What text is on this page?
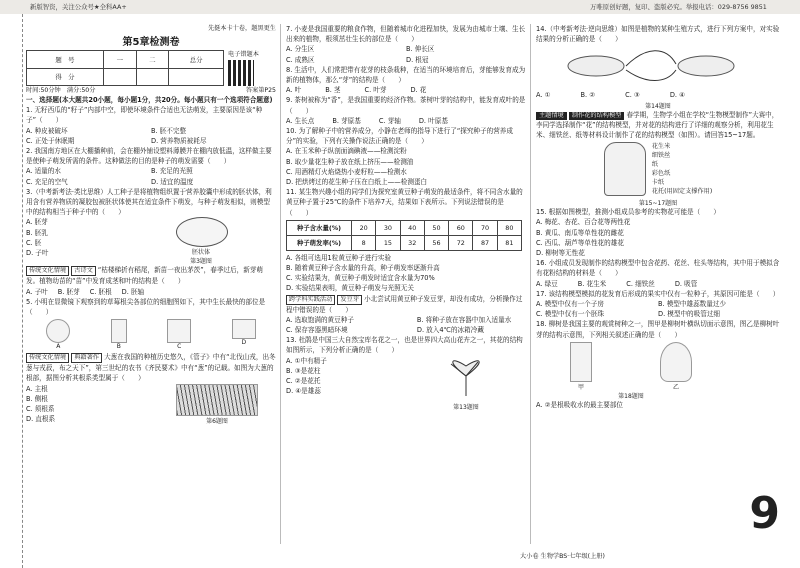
新版智资，关注公众号★全科AA+	万唯原创好题，复印、盗版必究。举报电话：029-8756 9851
先挺本卡十卷，题黑更生
第5章检测卷
题　号	一	二	总分
得　分			
电子错题本
时间:50分钟　满分:50分	答案第P25
一、选择题(本大题共20小题，每小题1分，共20分。每小题只有一个选项符合题意)
1. 无籽西瓜的“籽子”内部中空，即使环境条件合适也无法萌发，主要原因是该“种子”（　　）
A. 种皮被破坏	B. 胚不完整
C. 正处于休眠期	D. 营养物质被耗尽
2. 我国南方地区在大棚播种前，会在棚外铺设塑料薄膜并在棚内放低温，这样做主要是使种子萌发所需的条件。这种做法的目的是种子的萌发需要（　　）
A. 适量的水	B. 充足的光照
C. 充足的空气	D. 适宜的温度
3.（中考新考法·类比思维）人工种子是将植物组织置于营养胶囊中形成的胚状体，利用含有营养物质的凝胶包被胚状体使其在适宜条件下萌发，与种子萌发相似，则模型中的结构相当于种子中的（　　）
A. 胚芽
B. 胚乳
C. 胚
D. 子叶	胚状体
第3题图
传统文化情境 古诗文 “枯楼梯折有稻尾，新苗一夜出茅茨”，春季过后，新芽萌发。植物幼苗的“苗”中发育成茎和叶的结构是（　　）
A. 子叶 B. 胚芽 C. 胚根 D. 胚轴
5. 小明在显微镜下观察到的草莓根尖各部位的细胞图如下，其中生长最快的部位是（　　）
A	B	C
D
传统文化情境 典籍著作 大葱在我国的种植历史悠久，《管子》中有“北伐山戎，出冬葱与戎菽，布之天下”，第三世纪的农书《齐民要术》中有“葱”的记载。如图为大葱的根部，据图分析其根系类型属于（　　）
A. 主根
B. 侧根
C. 须根系
D. 直根系	第6题图
7. 小麦是我国重要的粮食作物，但随着城市化进程加快，发展为由城市土壤、生长出来的植物，根须茁壮生长的部位是（　　）
A. 分生区	B. 伸长区
C. 成熟区	D. 根冠
8. 生活中，人们常把带有花芽的枝条栽种，在适当的环境培育后，芽能够发育成为新的植物体，那么“芽”的结构是（　　）
A. 叶	B. 茎	C. 叶芽	D. 花
9. 茶树被称为“香”，是我国重要的经济作物。茶树叶芽的结构中，能发育成叶的是（　　）
A. 生长点	B. 芽原基	C. 芽轴	D. 叶原基
10. 为了解种子中的营养成分，小静在老师的指导下进行了“探究种子的营养成分”的实验，下列有关操作说法正确的是（　　）
A. 在玉米种子纵剖面滴碘液——检测淀粉
B. 取少量花生种子放在纸上挤压——检测油
C. 用酒精灯火焰烧热小麦籽粒——检测水
D. 把烘烤过的花生种子压在白纸上——检测蛋白
11. 某生物兴趣小组的同学们为探究室黄豆种子萌发的最适条件，将不同含水量的黄豆种子置于25℃的条件下培养7天，结果如下表所示。下列说法错误的是（　　）
种子含水量(%)	20	30	40	50	60	70	80
种子萌发率(%)	8	15	32	56	72	87	81
A. 各组可选用1粒黄豆种子进行实验
B. 随着黄豆种子含水量的升高，种子萌发率逐渐升高
C. 实验结果为，黄豆种子萌发时适宜含水量为70%
D. 实验结果表明，黄豆种子萌发与光照无关
跨学科实践活动 发豆芽 小北尝试用黄豆种子发豆芽，却没有成功，分析操作过程中错误的是（　　）
A. 选取饱满的黄豆种子	B. 将种子放在容器中加入适量水
C. 保存容器黑暗环境	D. 放入4℃的冰箱冷藏
13. 杜鹃是中国三大自然宝库名花之一，也是世界四大高山花卉之一，其花的结构如图所示，下列分析正确的是（　　）
A. ①中有精子
B. ③是花柱
C. ②是花托
D. ④是雄蕊
第13题图
14.（中考新考法·逆向思维）如图是植物的某种生殖方式，进行下列方案中，对实验结果的分析正确的是（　　）
A. ①	B. ②	C. ③	D. ④
第14题图
主题情境 制作花的结构模型 春学期，生物学小组在学校“生物模型制作”大赛中，李同学选择制作“花”的结构模型，并对花的结构进行了详细的观察分析，利用花生米、细铁丝、纸等材料设计制作了花的结构模型（如图）。请回答15~17题。
花生米
细铁丝
纸
彩色纸
卡纸
花托(用固定支撑作用)
第15~17题图
15. 根据如图模型，推测小组成员参考的实物花可能是（　　）
A. 梅花、杏花、百合花等两性花
B. 黄瓜、南瓜等单性花的雌花
C. 西瓜、葫芦等单性花的雄花
D. 柳树等无性花
16. 小组成员发现制作的结构模型中包含花药、花丝、柱头等结构，其中用于模拟含有花粉结构的材料是（　　）
A. 绿豆	B. 花生米	C. 细铁丝	D. 吸管
17. 该结构模型模拟的花发育后形成的果实中仅有一粒种子，其原因可能是（　　）
A. 模型中仅有一个子房	B. 模型中雄蕊数量过少
C. 模型中仅有一个胚珠	D. 模型中的吸管过细
18. 柳树是我国主要的观赏树种之一，图甲是柳树叶横纵切面示意图，图乙是柳树叶芽的结构示意图，下列相关叙述正确的是（　　）
甲	乙
第18题图
A. ②是根吸收水的最主要部位
9
大小卷 生物学BS·七年级(上册)
